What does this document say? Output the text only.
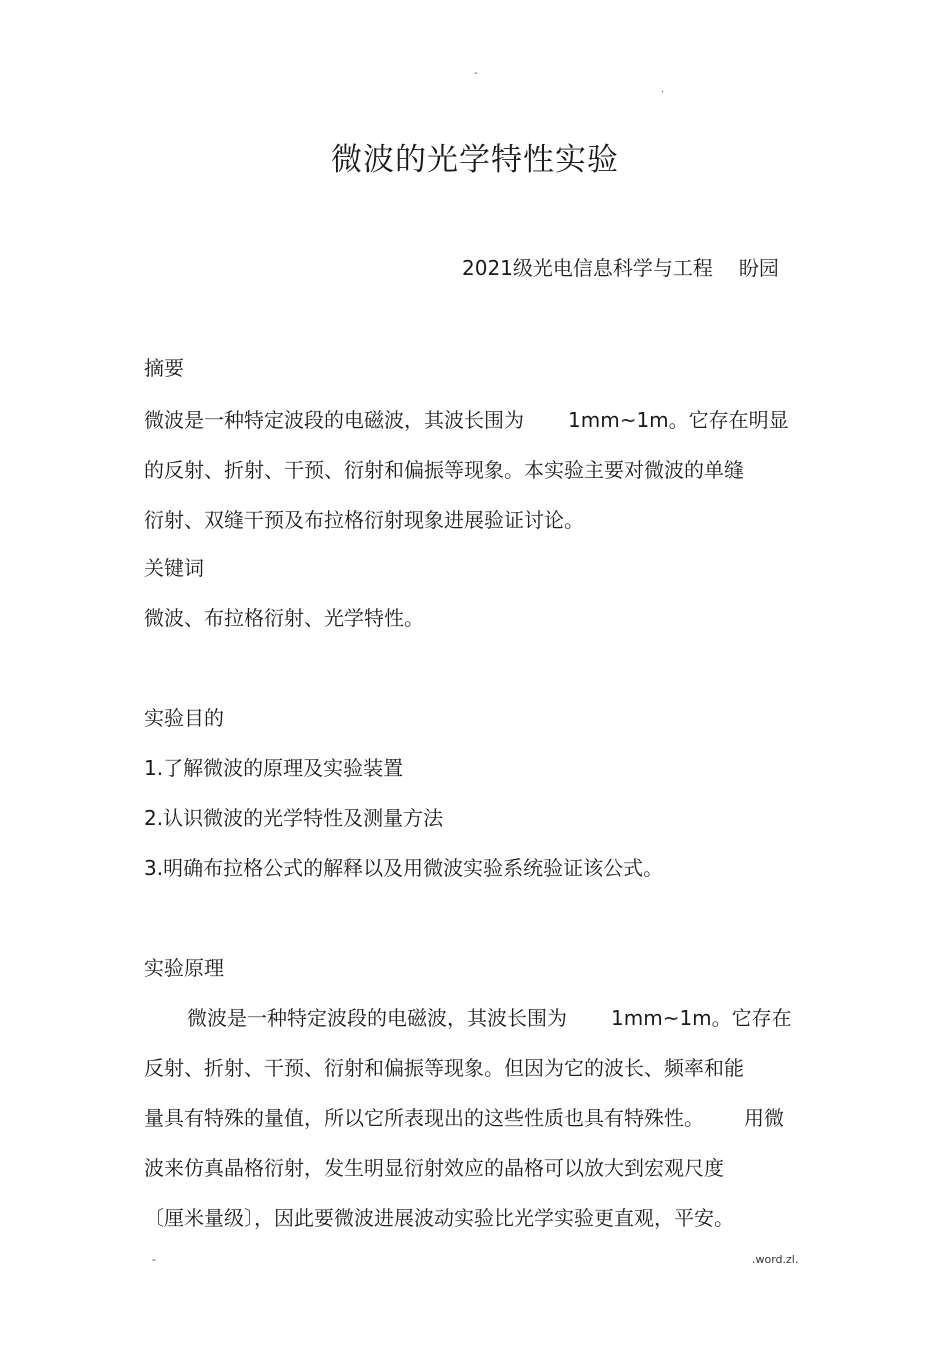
-
.
微波的光学特性实验
2021级光电信息科学与工程 盼园
摘要
微波是一种特定波段的电磁波，其波长围为 1mm~1m。它存在明显
的反射、折射、干预、衍射和偏振等现象。本实验主要对微波的单缝
衍射、双缝干预及布拉格衍射现象进展验证讨论。
关键词
微波、布拉格衍射、光学特性。
实验目的
1.了解微波的原理及实验装置
2.认识微波的光学特性及测量方法
3.明确布拉格公式的解释以及用微波实验系统验证该公式。
实验原理
微波是一种特定波段的电磁波，其波长围为 1mm~1m。它存在
反射、折射、干预、衍射和偏振等现象。但因为它的波长、频率和能
量具有特殊的量值，所以它所表现出的这些性质也具有特殊性。 用微
波来仿真晶格衍射，发生明显衍射效应的晶格可以放大到宏观尺度
〔厘米量级〕，因此要微波进展波动实验比光学实验更直观，平安。
-	.word.zl.
